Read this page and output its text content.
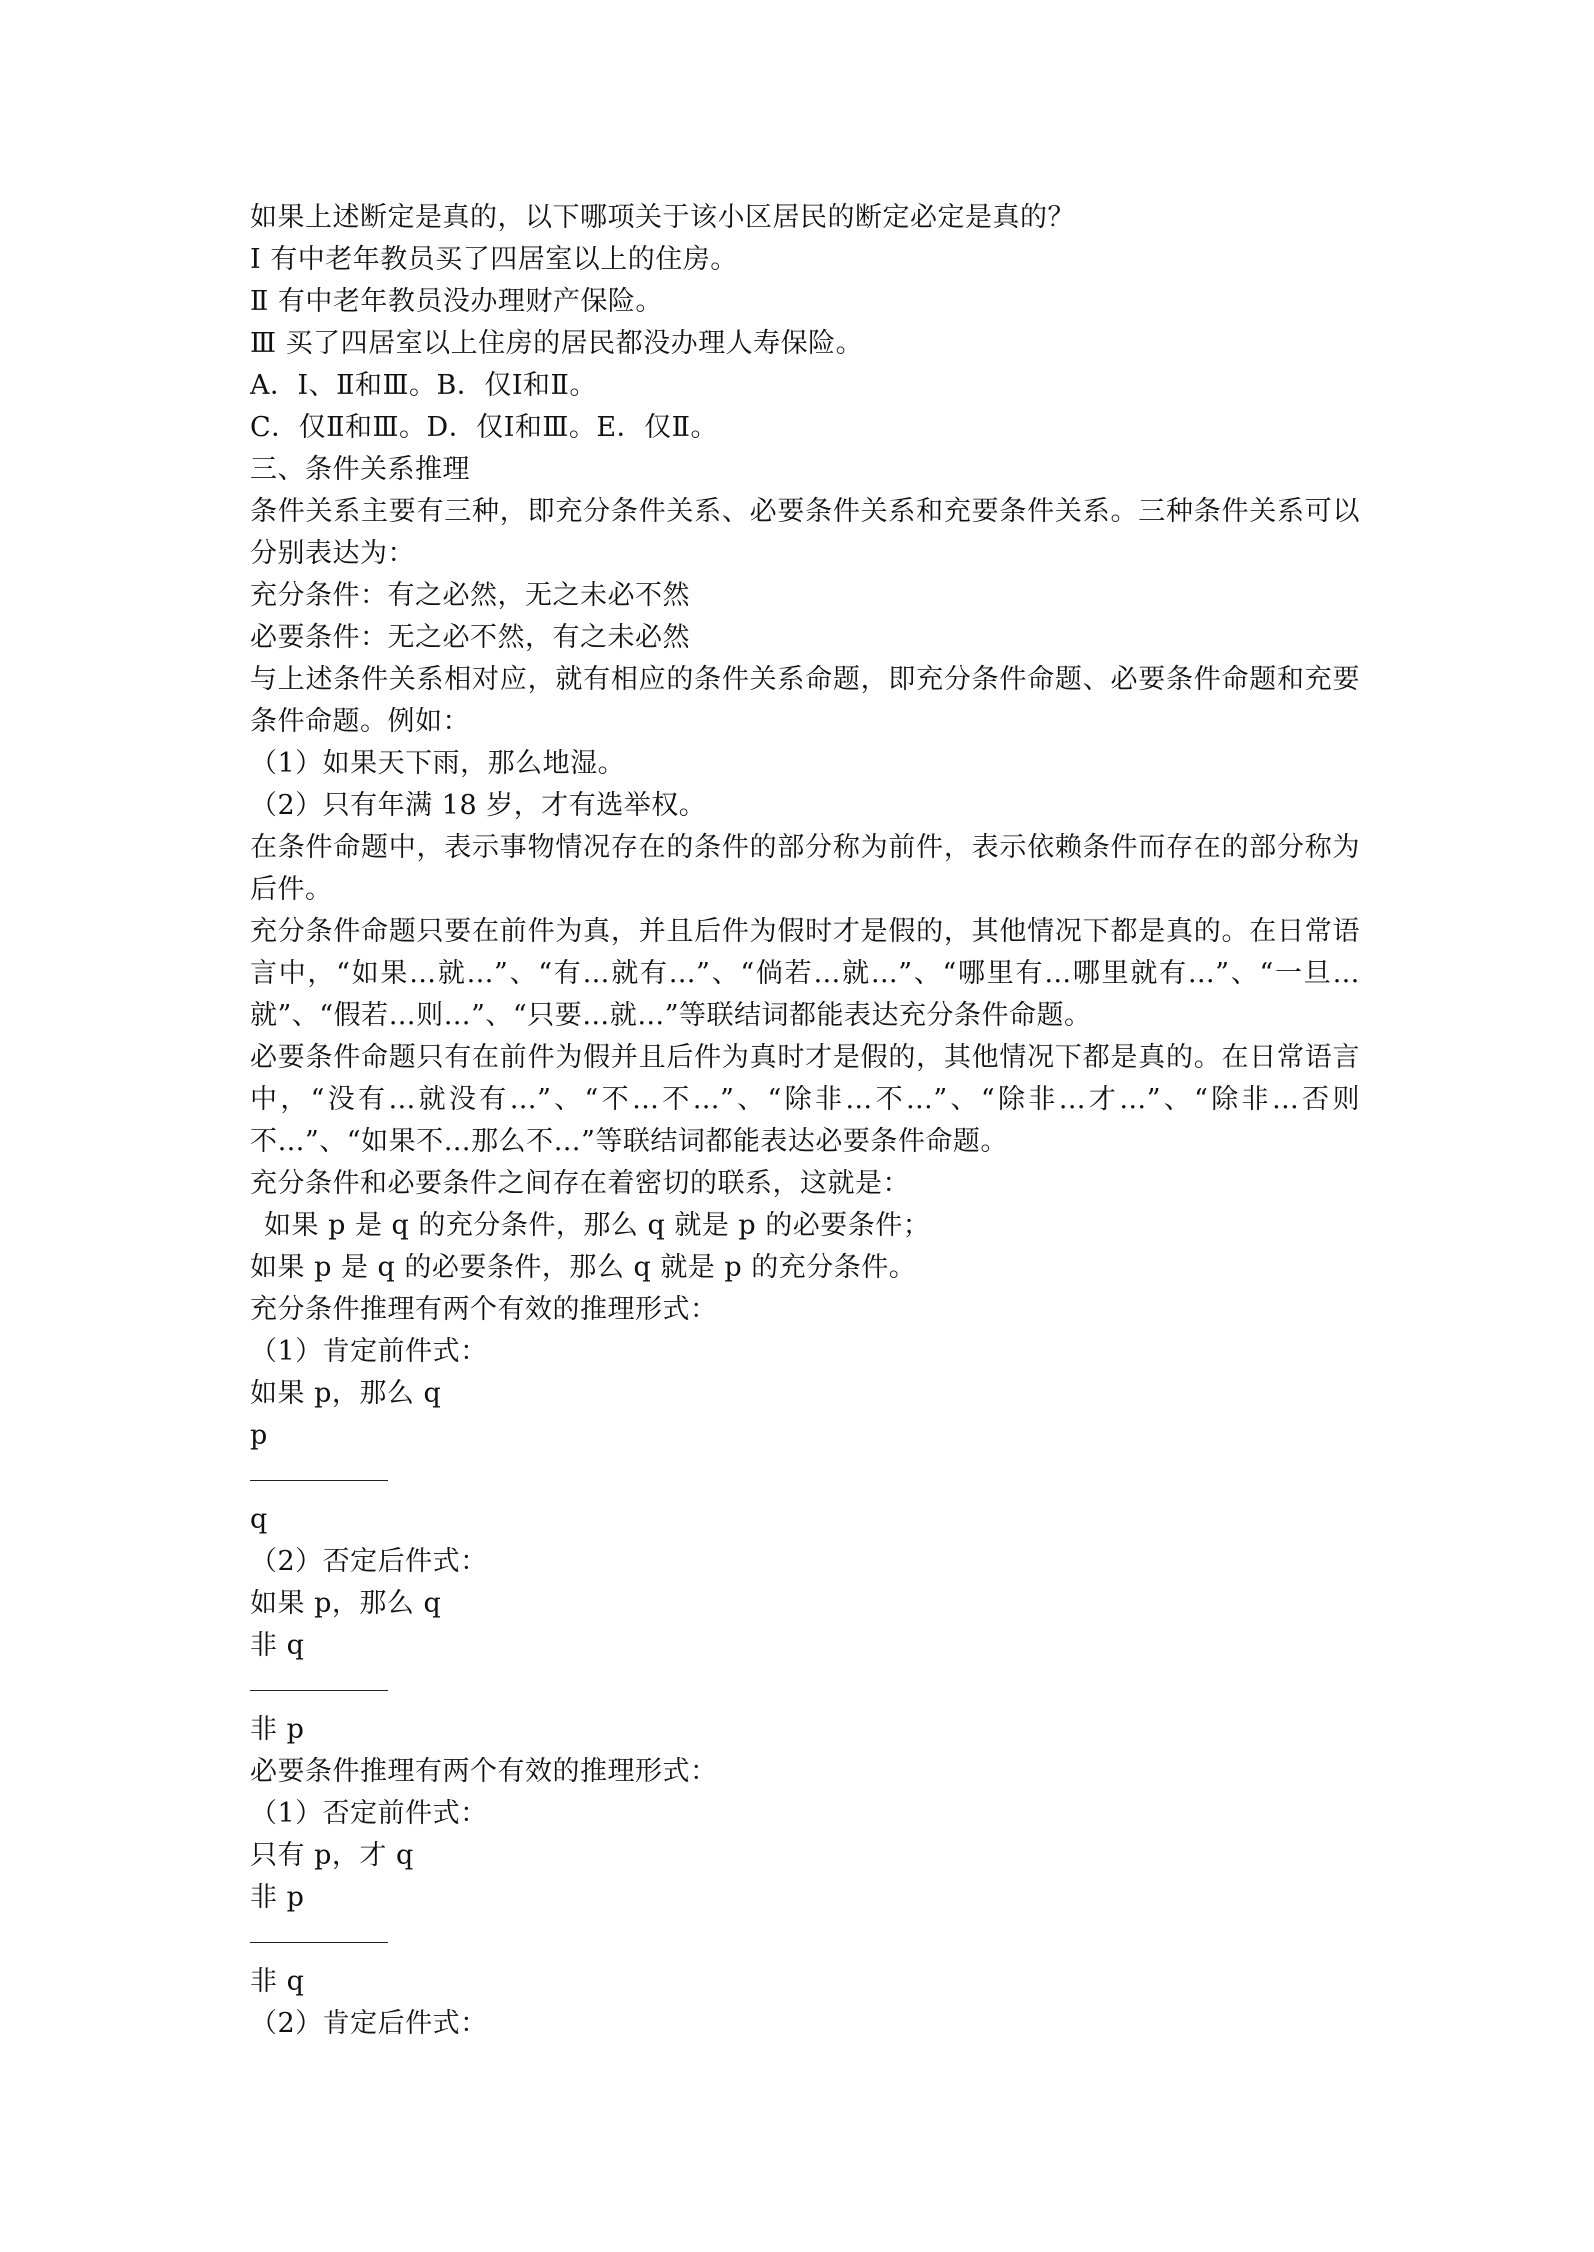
如果上述断定是真的，以下哪项关于该小区居民的断定必定是真的？
Ⅰ 有中老年教员买了四居室以上的住房。
Ⅱ 有中老年教员没办理财产保险。
Ⅲ 买了四居室以上住房的居民都没办理人寿保险。
A．Ⅰ、Ⅱ和Ⅲ。B．仅Ⅰ和Ⅱ。
C．仅Ⅱ和Ⅲ。D．仅Ⅰ和Ⅲ。E．仅Ⅱ。
三、条件关系推理
条件关系主要有三种，即充分条件关系、必要条件关系和充要条件关系。三种条件关系可以分别表达为：
充分条件：有之必然，无之未必不然
必要条件：无之必不然，有之未必然
与上述条件关系相对应，就有相应的条件关系命题，即充分条件命题、必要条件命题和充要条件命题。例如：
（1）如果天下雨，那么地湿。
（2）只有年满 18 岁，才有选举权。
在条件命题中，表示事物情况存在的条件的部分称为前件，表示依赖条件而存在的部分称为后件。
充分条件命题只要在前件为真，并且后件为假时才是假的，其他情况下都是真的。在日常语言中，“如果…就…”、“有…就有…”、“倘若…就…”、“哪里有…哪里就有…”、“一旦…就”、“假若…则…”、“只要…就…”等联结词都能表达充分条件命题。
必要条件命题只有在前件为假并且后件为真时才是假的，其他情况下都是真的。在日常语言中，“没有…就没有…”、“不…不…”、“除非…不…”、“除非…才…”、“除非…否则不…”、“如果不…那么不…”等联结词都能表达必要条件命题。
充分条件和必要条件之间存在着密切的联系，这就是：
如果 p 是 q 的充分条件，那么 q 就是 p 的必要条件；
如果 p 是 q 的必要条件，那么 q 就是 p 的充分条件。
充分条件推理有两个有效的推理形式：
（1）肯定前件式：
如果 p，那么 q
p
q
（2）否定后件式：
如果 p，那么 q
非 q
非 p
必要条件推理有两个有效的推理形式：
（1）否定前件式：
只有 p，才 q
非 p
非 q
（2）肯定后件式：
